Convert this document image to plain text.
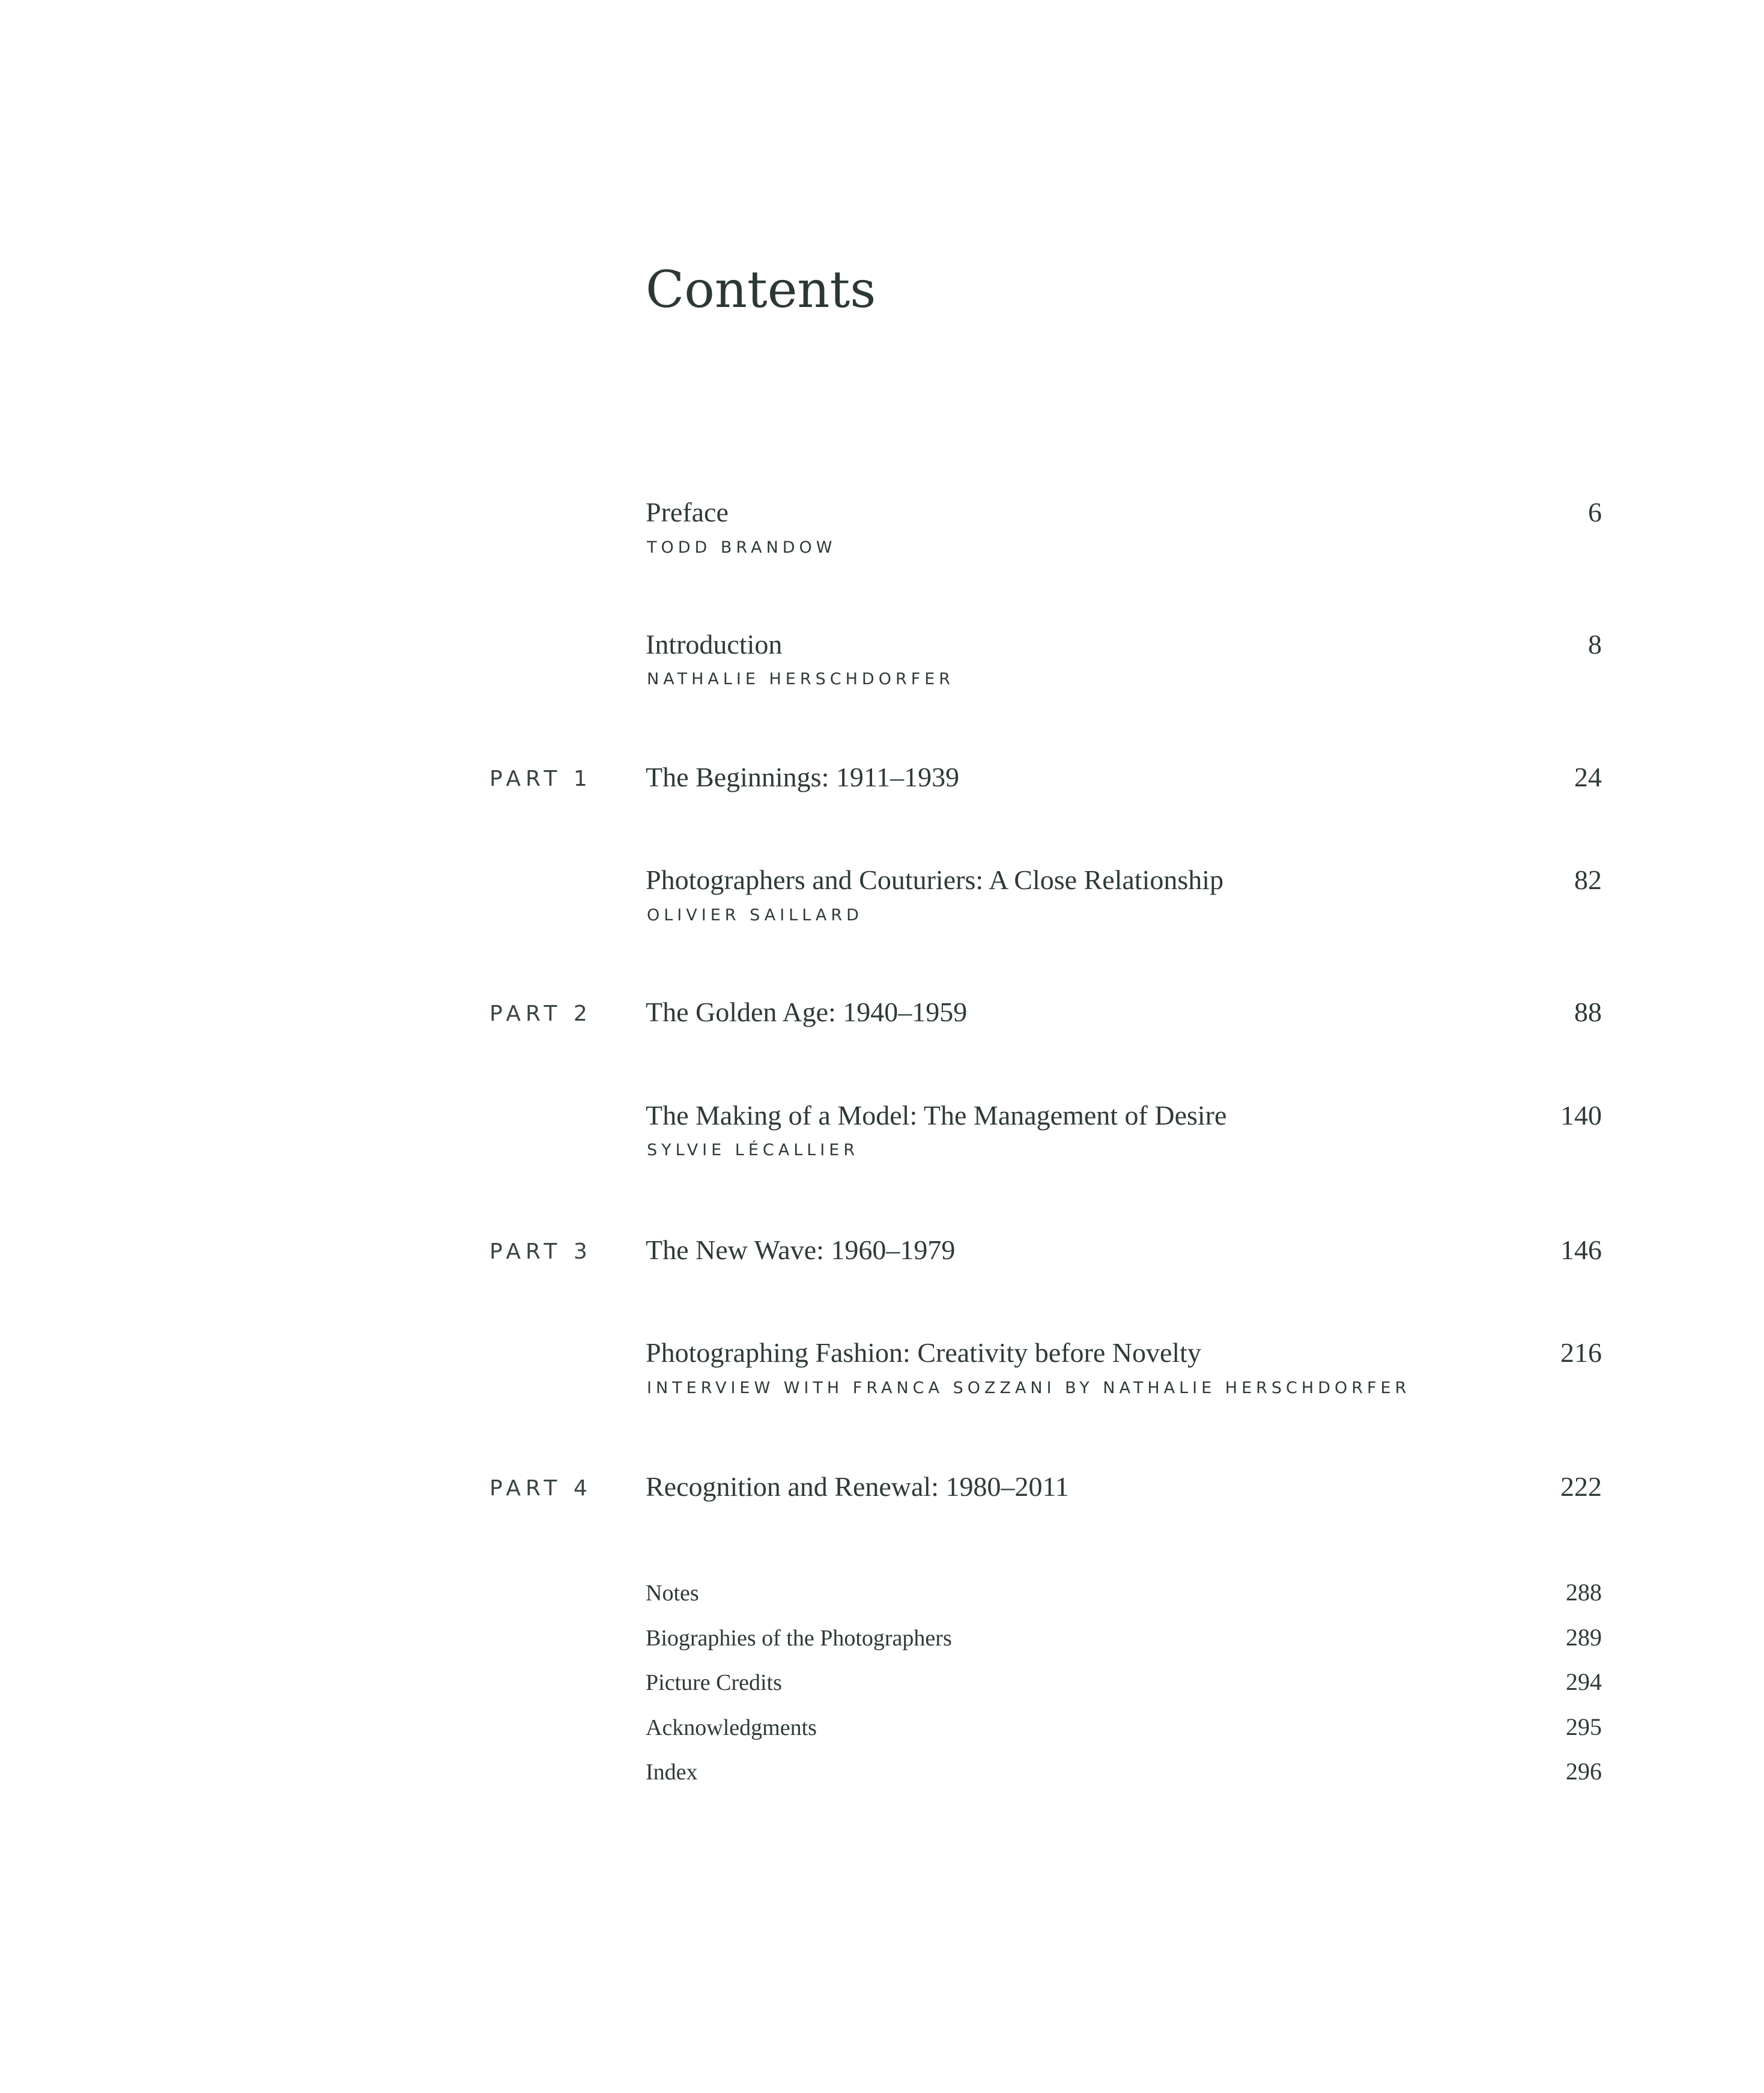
Contents
Preface	6
TODD BRANDOW
Introduction	8
NATHALIE HERSCHDORFER
PART 1 The Beginnings: 1911–1939	24
Photographers and Couturiers: A Close Relationship	82
OLIVIER SAILLARD
PART 2 The Golden Age: 1940–1959	88
The Making of a Model: The Management of Desire	140
SYLVIE LÉCALLIER
PART 3 The New Wave: 1960–1979	146
Photographing Fashion: Creativity before Novelty	216
INTERVIEW WITH FRANCA SOZZANI BY NATHALIE HERSCHDORFER
PART 4 Recognition and Renewal: 1980–2011	222
Notes	288
Biographies of the Photographers	289
Picture Credits	294
Acknowledgments	295
Index	296
